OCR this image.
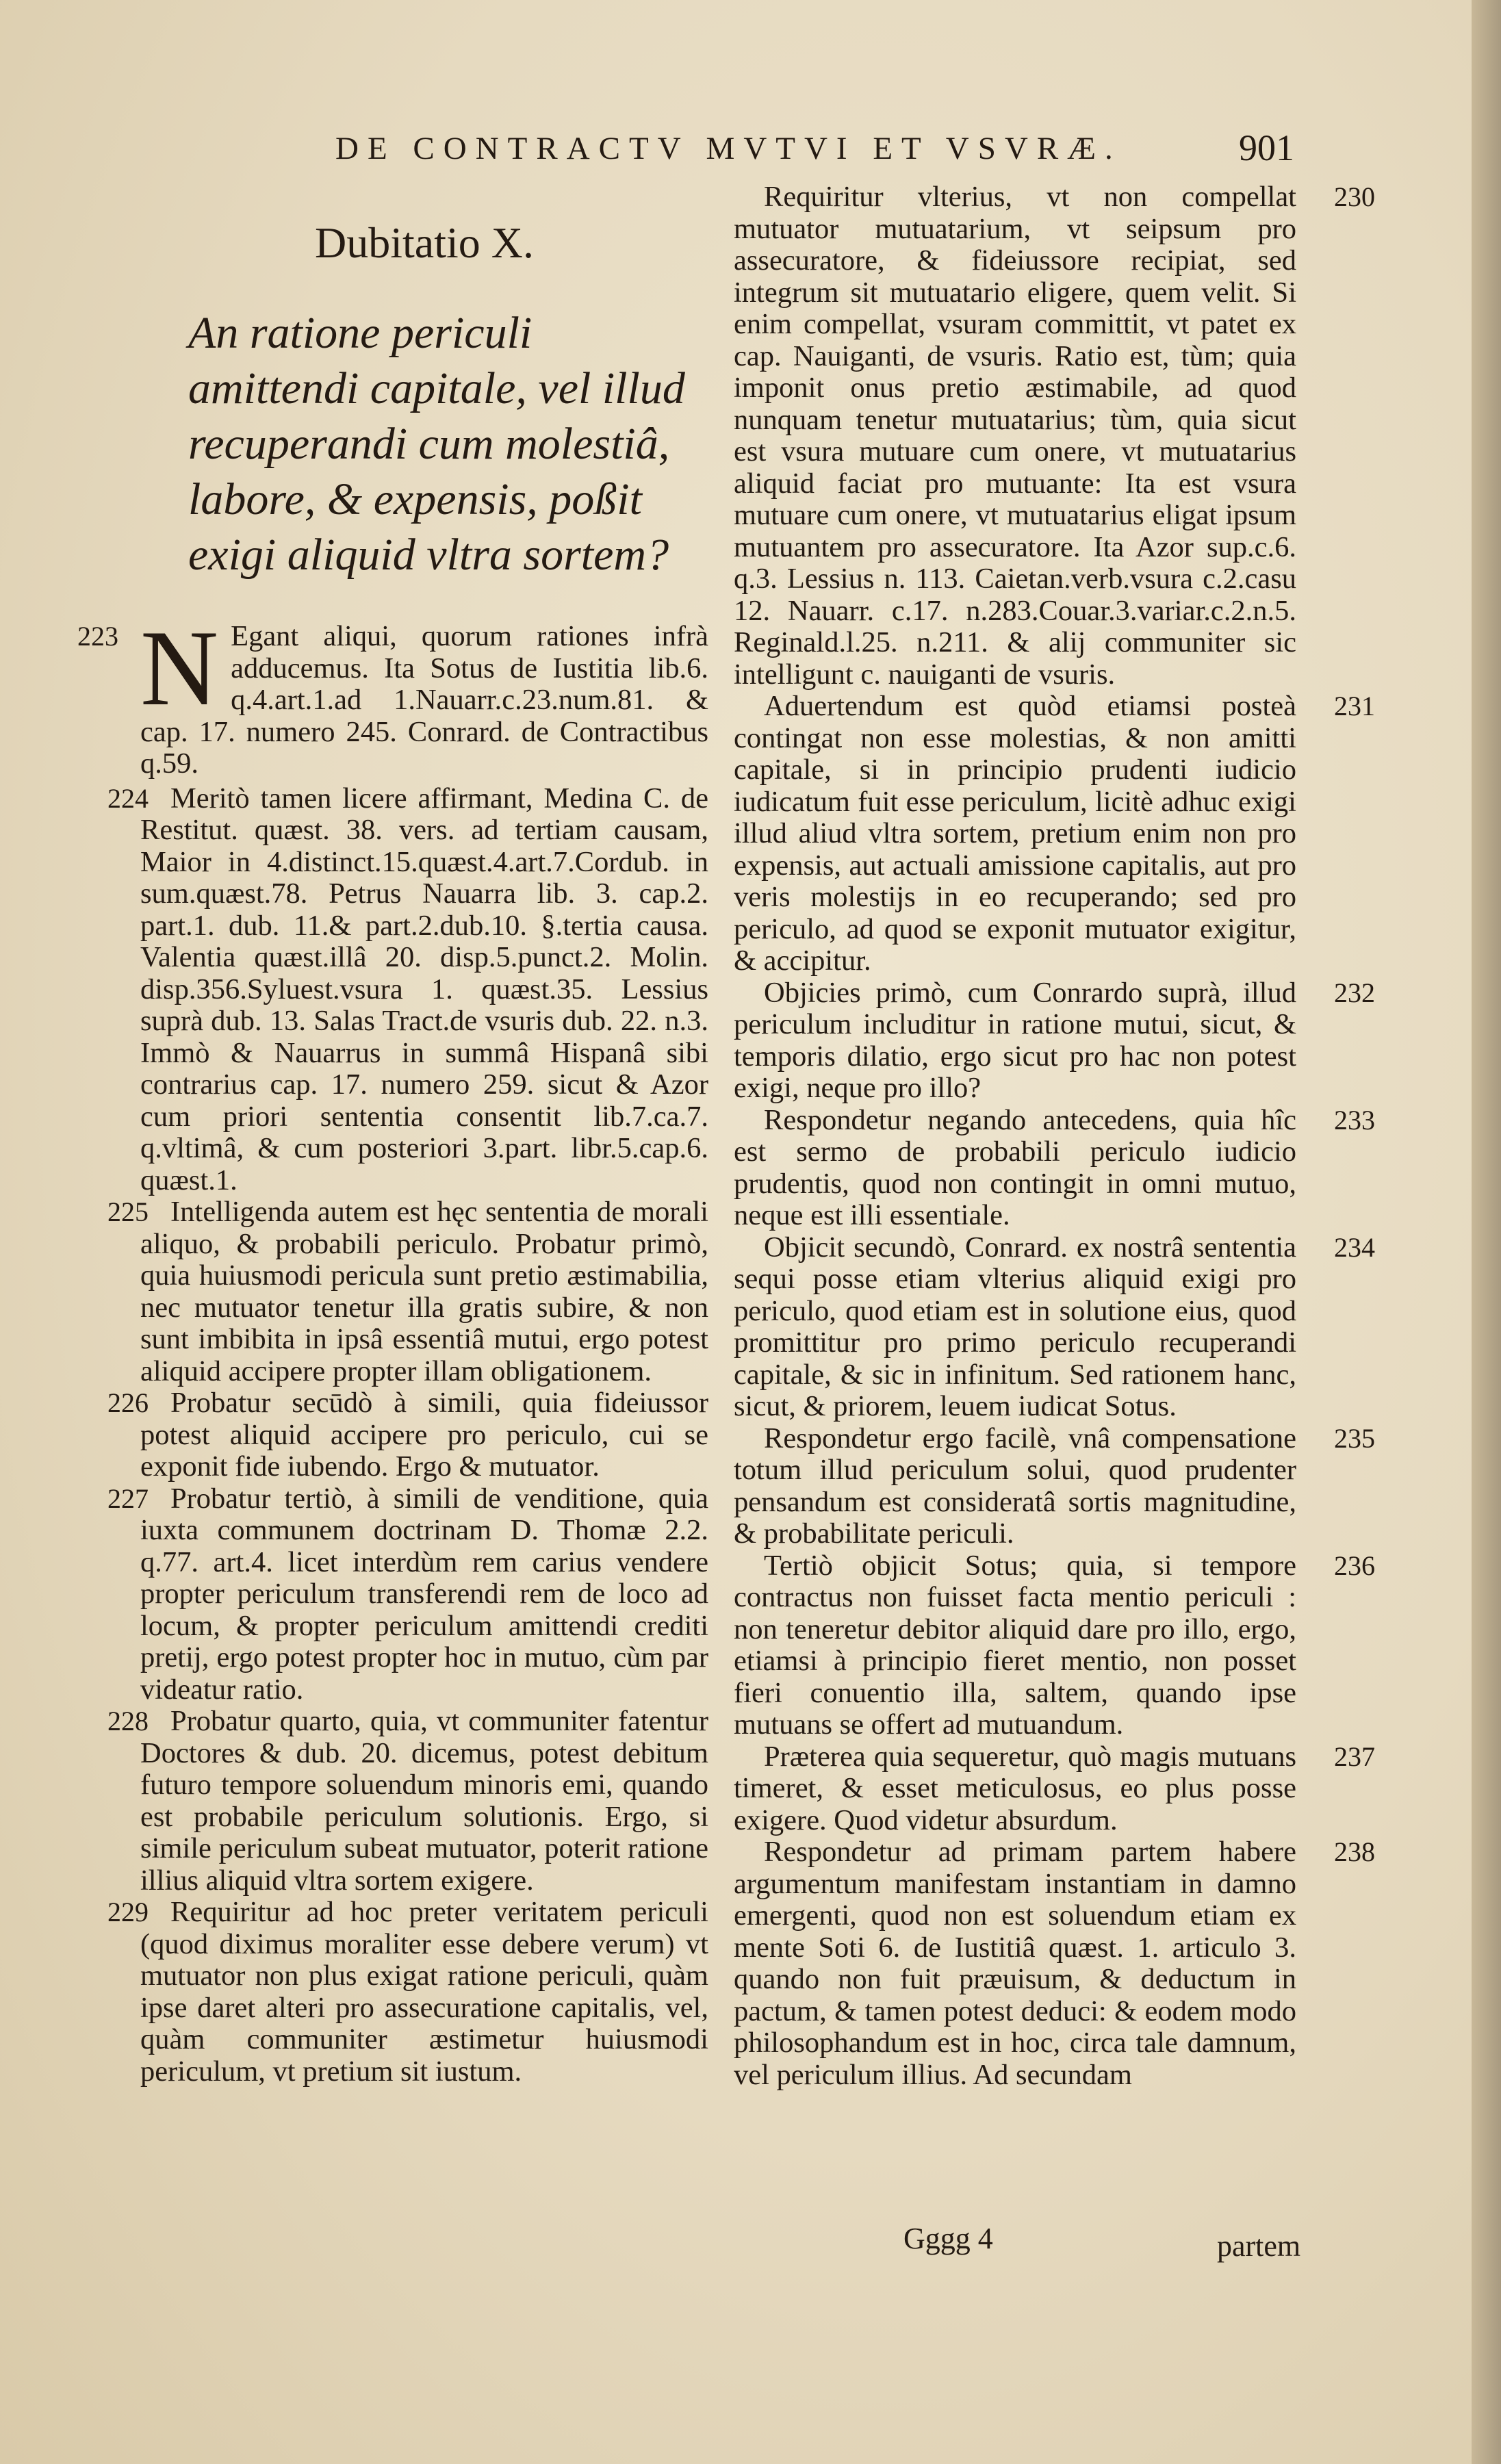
DE CONTRACTV MVTVI ET VSVRÆ.	901
Dubitatio X.
An ratione periculi amittendi capitale, vel illud recuperandi cum molestiâ, labore, & expensis, poßit exigi aliquid vltra sortem?
223 N Egant aliqui, quorum rationes infrà adducemus. Ita Sotus de Iustitia lib.6. q.4.art.1.ad 1.Nauarr.c.23.num.81. & cap. 17. numero 245. Conrard. de Contractibus q.59.
224 Meritò tamen licere affirmant, Medina C. de Restitut. quæst. 38. vers. ad tertiam causam, Maior in 4.distinct.15.quæst.4.art.7.Cordub. in sum.quæst.78. Petrus Nauarra lib. 3. cap.2. part.1. dub. 11.& part.2.dub.10. §.tertia causa. Valentia quæst.illâ 20. disp.5.punct.2. Molin. disp.356.Syluest.vsura 1. quæst.35. Lessius suprà dub. 13. Salas Tract.de vsuris dub. 22. n.3. Immò & Nauarrus in summâ Hispanâ sibi contrarius cap. 17. numero 259. sicut & Azor cum priori sententia consentit lib.7.ca.7. q.vltimâ, & cum posteriori 3.part. libr.5.cap.6. quæst.1.
225 Intelligenda autem est hęc sententia de morali aliquo, & probabili periculo. Probatur primò, quia huiusmodi pericula sunt pretio æstimabilia, nec mutuator tenetur illa gratis subire, & non sunt imbibita in ipsâ essentiâ mutui, ergo potest aliquid accipere propter illam obligationem.
226 Probatur secūdò à simili, quia fideiussor potest aliquid accipere pro periculo, cui se exponit fide iubendo. Ergo & mutuator.
227 Probatur tertiò, à simili de venditione, quia iuxta communem doctrinam D. Thomæ 2.2. q.77. art.4. licet interdùm rem carius vendere propter periculum transferendi rem de loco ad locum, & propter periculum amittendi crediti pretij, ergo potest propter hoc in mutuo, cùm par videatur ratio.
228 Probatur quarto, quia, vt communiter fatentur Doctores & dub. 20. dicemus, potest debitum futuro tempore soluendum minoris emi, quando est probabile periculum solutionis. Ergo, si simile periculum subeat mutuator, poterit ratione illius aliquid vltra sortem exigere.
229 Requiritur ad hoc preter veritatem periculi (quod diximus moraliter esse debere verum) vt mutuator non plus exigat ratione periculi, quàm ipse daret alteri pro assecuratione capitalis, vel, quàm communiter æstimetur huiusmodi periculum, vt pretium sit iustum.
230
Requiritur vlterius, vt non compellat mutuator mutuatarium, vt seipsum pro assecuratore, & fideiussore recipiat, sed integrum sit mutuatario eligere, quem velit. Si enim compellat, vsuram committit, vt patet ex cap. Nauiganti, de vsuris. Ratio est, tùm; quia imponit onus pretio æstimabile, ad quod nunquam tenetur mutuatarius; tùm, quia sicut est vsura mutuare cum onere, vt mutuatarius aliquid faciat pro mutuante: Ita est vsura mutuare cum onere, vt mutuatarius eligat ipsum mutuantem pro assecuratore. Ita Azor sup.c.6. q.3. Lessius n. 113. Caietan.verb.vsura c.2.casu 12. Nauarr. c.17. n.283.Couar.3.variar.c.2.n.5. Reginald.l.25. n.211. & alij communiter sic intelligunt c. nauiganti de vsuris.
231
Aduertendum est quòd etiamsi posteà contingat non esse molestias, & non amitti capitale, si in principio prudenti iudicio iudicatum fuit esse periculum, licitè adhuc exigi illud aliud vltra sortem, pretium enim non pro expensis, aut actuali amissione capitalis, aut pro veris molestijs in eo recuperando; sed pro periculo, ad quod se exponit mutuator exigitur, & accipitur.
232
Objicies primò, cum Conrardo suprà, illud periculum includitur in ratione mutui, sicut, & temporis dilatio, ergo sicut pro hac non potest exigi, neque pro illo?
233
Respondetur negando antecedens, quia hîc est sermo de probabili periculo iudicio prudentis, quod non contingit in omni mutuo, neque est illi essentiale.
234
Objicit secundò, Conrard. ex nostrâ sententia sequi posse etiam vlterius aliquid exigi pro periculo, quod etiam est in solutione eius, quod promittitur pro primo periculo recuperandi capitale, & sic in infinitum. Sed rationem hanc, sicut, & priorem, leuem iudicat Sotus.
235
Respondetur ergo facilè, vnâ compensatione totum illud periculum solui, quod prudenter pensandum est consideratâ sortis magnitudine, & probabilitate periculi.
236
Tertiò objicit Sotus; quia, si tempore contractus non fuisset facta mentio periculi : non teneretur debitor aliquid dare pro illo, ergo, etiamsi à principio fieret mentio, non posset fieri conuentio illa, saltem, quando ipse mutuans se offert ad mutuandum.
237
Præterea quia sequeretur, quò magis mutuans timeret, & esset meticulosus, eo plus posse exigere. Quod videtur absurdum.
238
Respondetur ad primam partem habere argumentum manifestam instantiam in damno emergenti, quod non est soluendum etiam ex mente Soti 6. de Iustitiâ quæst. 1. articulo 3. quando non fuit præuisum, & deductum in pactum, & tamen potest deduci: & eodem modo philosophandum est in hoc, circa tale damnum, vel periculum illius. Ad secundam
Gggg 4	partem
